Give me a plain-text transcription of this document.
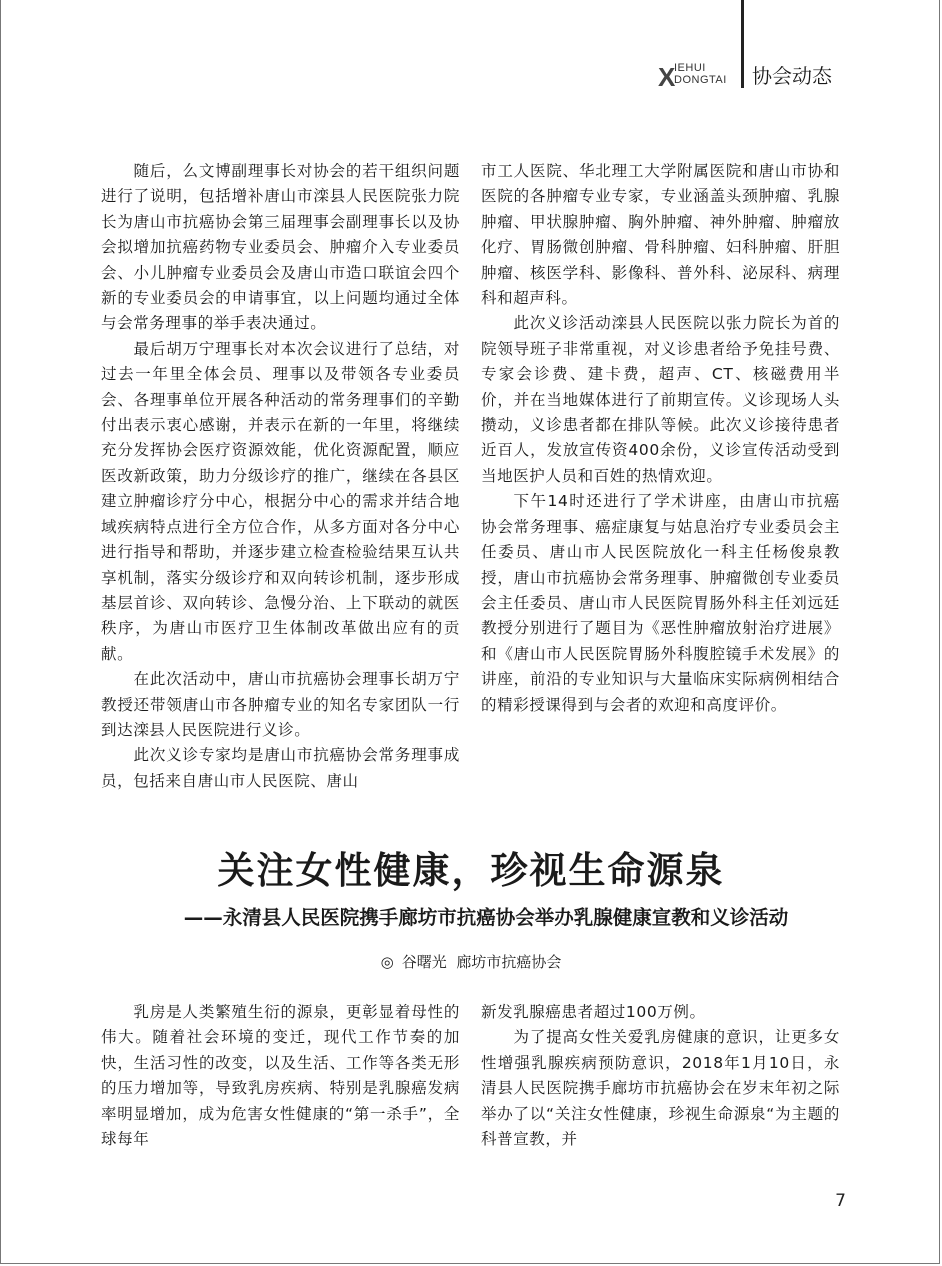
X
IEHUI
DONGTAI 协会动态

随后，么文博副理事长对协会的若干组织问题进行了说明，包括增补唐山市滦县人民医院张力院长为唐山市抗癌协会第三届理事会副理事长以及协会拟增加抗癌药物专业委员会、肿瘤介入专业委员会、小儿肿瘤专业委员会及唐山市造口联谊会四个新的专业委员会的申请事宜，以上问题均通过全体与会常务理事的举手表决通过。

最后胡万宁理事长对本次会议进行了总结，对过去一年里全体会员、理事以及带领各专业委员会、各理事单位开展各种活动的常务理事们的辛勤付出表示衷心感谢，并表示在新的一年里，将继续充分发挥协会医疗资源效能，优化资源配置，顺应医改新政策，助力分级诊疗的推广，继续在各县区建立肿瘤诊疗分中心，根据分中心的需求并结合地域疾病特点进行全方位合作，从多方面对各分中心进行指导和帮助，并逐步建立检查检验结果互认共享机制，落实分级诊疗和双向转诊机制，逐步形成基层首诊、双向转诊、急慢分治、上下联动的就医秩序，为唐山市医疗卫生体制改革做出应有的贡献。

在此次活动中，唐山市抗癌协会理事长胡万宁教授还带领唐山市各肿瘤专业的知名专家团队一行到达滦县人民医院进行义诊。

此次义诊专家均是唐山市抗癌协会常务理事成员，包括来自唐山市人民医院、唐山

市工人医院、华北理工大学附属医院和唐山市协和医院的各肿瘤专业专家，专业涵盖头颈肿瘤、乳腺肿瘤、甲状腺肿瘤、胸外肿瘤、神外肿瘤、肿瘤放化疗、胃肠微创肿瘤、骨科肿瘤、妇科肿瘤、肝胆肿瘤、核医学科、影像科、普外科、泌尿科、病理科和超声科。

此次义诊活动滦县人民医院以张力院长为首的院领导班子非常重视，对义诊患者给予免挂号费、专家会诊费、建卡费，超声、CT、核磁费用半价，并在当地媒体进行了前期宣传。义诊现场人头攒动，义诊患者都在排队等候。此次义诊接待患者近百人，发放宣传资400余份，义诊宣传活动受到当地医护人员和百姓的热情欢迎。

下午14时还进行了学术讲座，由唐山市抗癌协会常务理事、癌症康复与姑息治疗专业委员会主任委员、唐山市人民医院放化一科主任杨俊泉教授，唐山市抗癌协会常务理事、肿瘤微创专业委员会主任委员、唐山市人民医院胃肠外科主任刘远廷教授分别进行了题目为《恶性肿瘤放射治疗进展》和《唐山市人民医院胃肠外科腹腔镜手术发展》的讲座，前沿的专业知识与大量临床实际病例相结合的精彩授课得到与会者的欢迎和高度评价。

关注女性健康，珍视生命源泉
——永清县人民医院携手廊坊市抗癌协会举办乳腺健康宣教和义诊活动
◎ 谷曙光 廊坊市抗癌协会

乳房是人类繁殖生衍的源泉，更彰显着母性的伟大。随着社会环境的变迁，现代工作节奏的加快，生活习性的改变，以及生活、工作等各类无形的压力增加等，导致乳房疾病、特别是乳腺癌发病率明显增加，成为危害女性健康的“第一杀手”，全球每年

新发乳腺癌患者超过100万例。

为了提高女性关爱乳房健康的意识，让更多女性增强乳腺疾病预防意识，2018年1月10日，永清县人民医院携手廊坊市抗癌协会在岁末年初之际举办了以“关注女性健康，珍视生命源泉“为主题的科普宣教，并

7
